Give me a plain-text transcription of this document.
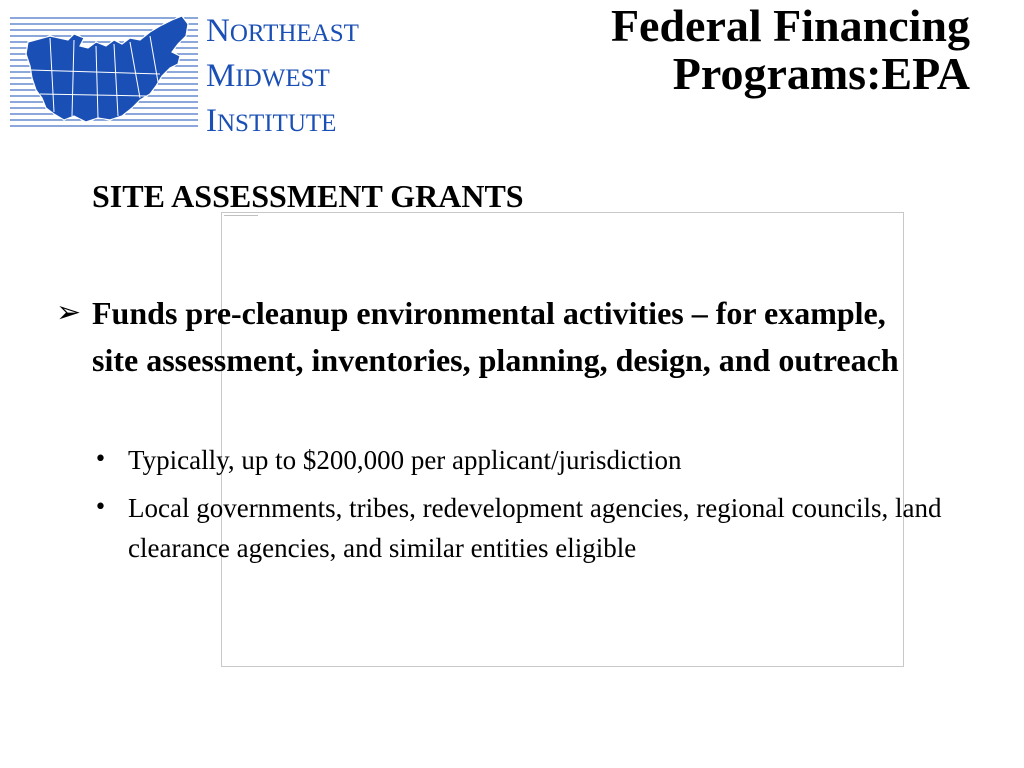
NORTHEAST
MIDWEST
INSTITUTE
Federal Financing
Programs:EPA
SITE ASSESSMENT GRANTS
➢ Funds pre-cleanup environmental activities – for example, site assessment, inventories, planning, design, and outreach
• Typically, up to $200,000 per applicant/jurisdiction
• Local governments, tribes, redevelopment agencies, regional councils, land clearance agencies, and similar entities eligible
